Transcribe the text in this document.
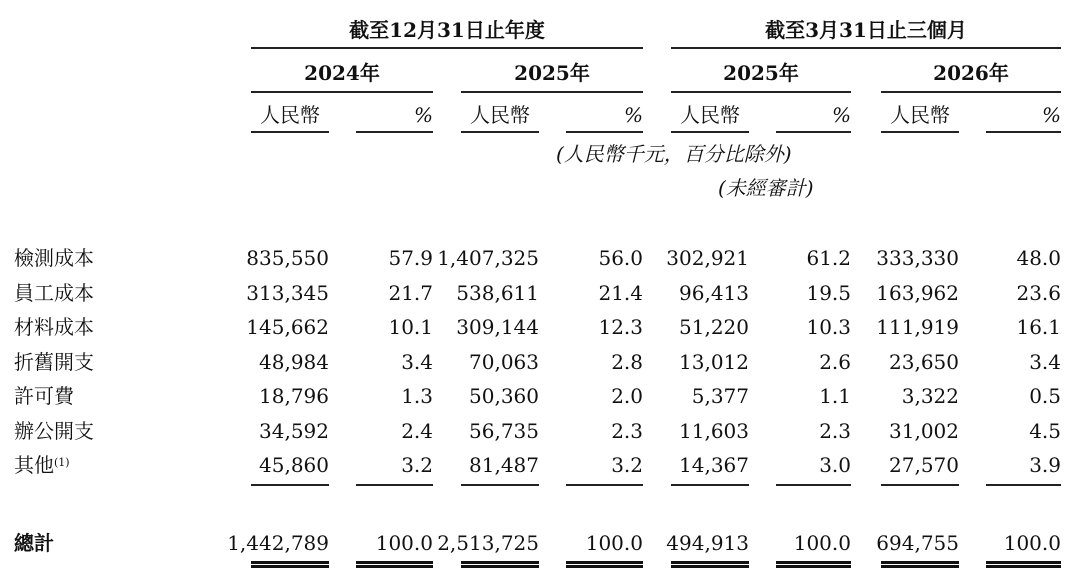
截至12月31日止年度	截至3月31日止三個月
2024年	2025年	2025年	2026年
人民幣	%	人民幣	%	人民幣	%	人民幣	%
(人民幣千元，百分比除外)
(未經審計)
檢測成本	835,550	57.9 1,407,325	56.0	302,921	61.2	333,330	48.0
員工成本	313,345	21.7	538,611	21.4	96,413	19.5	163,962	23.6
材料成本	145,662	10.1	309,144	12.3	51,220	10.3	111,919	16.1
折舊開支	48,984	3.4	70,063	2.8	13,012	2.6	23,650	3.4
許可費	18,796	1.3	50,360	2.0	5,377	1.1	3,322	0.5
辦公開支	34,592	2.4	56,735	2.3	11,603	2.3	31,002	4.5
其他$^{(1)}$	45,860	3.2	81,487	3.2	14,367	3.0	27,570	3.9
總計	1,442,789	100.0 2,513,725	100.0	494,913	100.0	694,755	100.0
